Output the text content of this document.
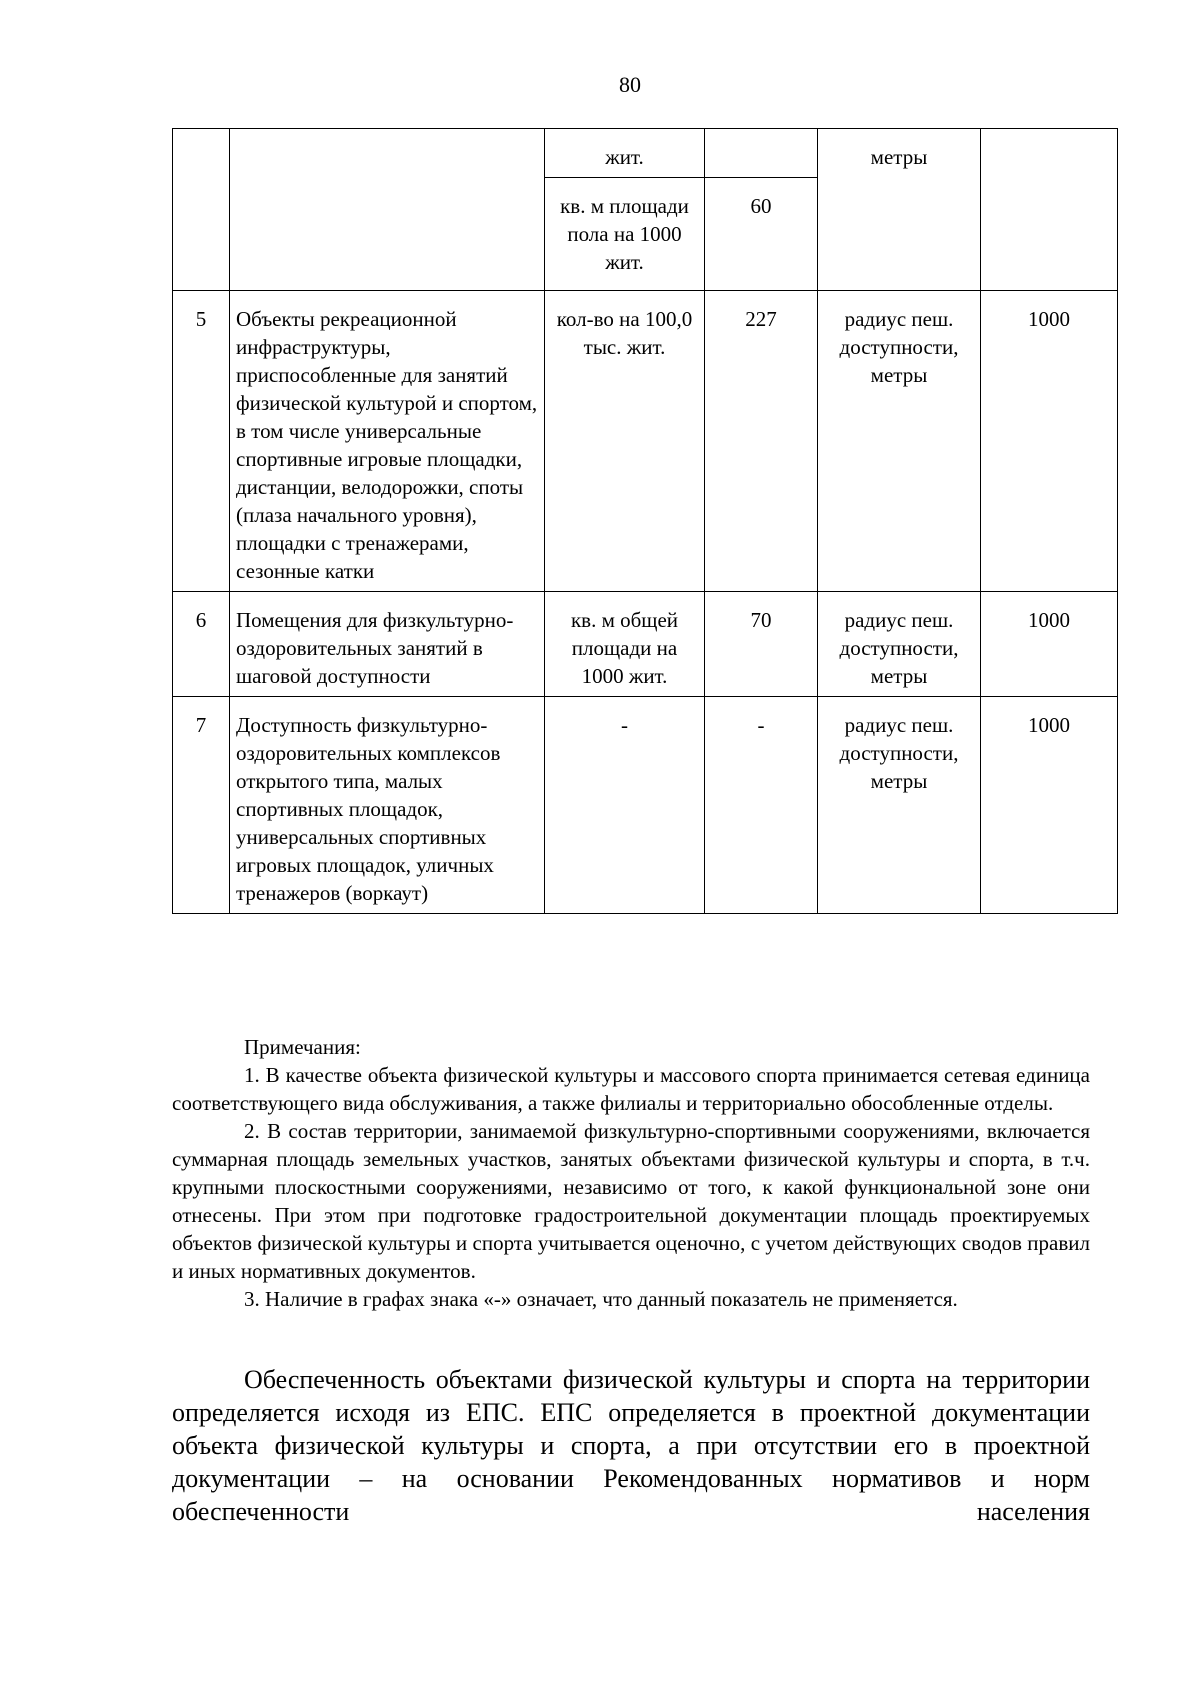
80
		жит.		метры	
		кв. м площади пола на 1000 жит.	60		
5	Объекты рекреационной инфраструктуры, приспособленные для занятий физической культурой и спортом, в том числе универсальные спортивные игровые площадки, дистанции, велодорожки, споты (плаза начального уровня), площадки с тренажерами, сезонные катки	кол-во на 100,0 тыс. жит.	227	радиус пеш. доступности, метры	1000
6	Помещения для физкультурно-оздоровительных занятий в шаговой доступности	кв. м общей площади на 1000 жит.	70	радиус пеш. доступности, метры	1000
7	Доступность физкультурно-оздоровительных комплексов открытого типа, малых спортивных площадок, универсальных спортивных игровых площадок, уличных тренажеров (воркаут)	-	-	радиус пеш. доступности, метры	1000

Примечания:

1. В качестве объекта физической культуры и массового спорта принимается сетевая единица соответствующего вида обслуживания, а также филиалы и территориально обособленные отделы.

2. В состав территории, занимаемой физкультурно-спортивными сооружениями, включается суммарная площадь земельных участков, занятых объектами физической культуры и спорта, в т.ч. крупными плоскостными сооружениями, независимо от того, к какой функциональной зоне они отнесены. При этом при подготовке градостроительной документации площадь проектируемых объектов физической культуры и спорта учитывается оценочно, с учетом действующих сводов правил и иных нормативных документов.

3. Наличие в графах знака «-» означает, что данный показатель не применяется.

Обеспеченность объектами физической культуры и спорта на территории определяется исходя из ЕПС. ЕПС определяется в проектной документации объекта физической культуры и спорта, а при отсутствии его в проектной документации – на основании Рекомендованных нормативов и норм обеспеченности населения
